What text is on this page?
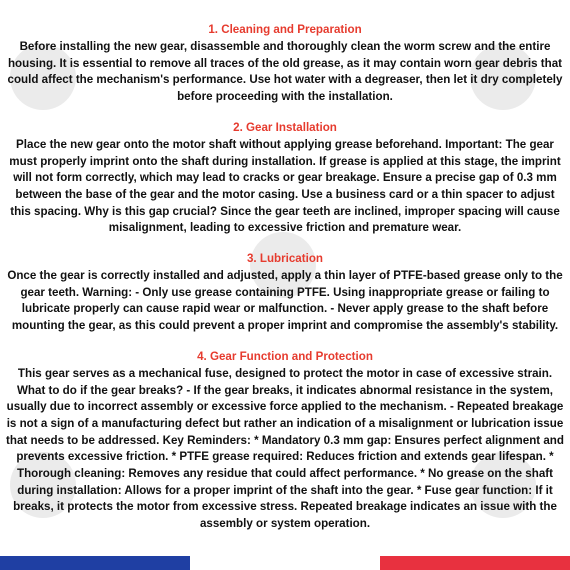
1. Cleaning and Preparation
Before installing the new gear, disassemble and thoroughly clean the worm screw and the entire housing. It is essential to remove all traces of the old grease, as it may contain worn gear debris that could affect the mechanism's performance. Use hot water with a degreaser, then let it dry completely before proceeding with the installation.
2. Gear Installation
Place the new gear onto the motor shaft without applying grease beforehand. Important: The gear must properly imprint onto the shaft during installation. If grease is applied at this stage, the imprint will not form correctly, which may lead to cracks or gear breakage. Ensure a precise gap of 0.3 mm between the base of the gear and the motor casing. Use a business card or a thin spacer to adjust this spacing. Why is this gap crucial? Since the gear teeth are inclined, improper spacing will cause misalignment, leading to excessive friction and premature wear.
3. Lubrication
Once the gear is correctly installed and adjusted, apply a thin layer of PTFE-based grease only to the gear teeth. Warning: - Only use grease containing PTFE. Using inappropriate grease or failing to lubricate properly can cause rapid wear or malfunction. - Never apply grease to the shaft before mounting the gear, as this could prevent a proper imprint and compromise the assembly's stability.
4. Gear Function and Protection
This gear serves as a mechanical fuse, designed to protect the motor in case of excessive strain. What to do if the gear breaks? - If the gear breaks, it indicates abnormal resistance in the system, usually due to incorrect assembly or excessive force applied to the mechanism. - Repeated breakage is not a sign of a manufacturing defect but rather an indication of a misalignment or lubrication issue that needs to be addressed. Key Reminders: * Mandatory 0.3 mm gap: Ensures perfect alignment and prevents excessive friction. * PTFE grease required: Reduces friction and extends gear lifespan. * Thorough cleaning: Removes any residue that could affect performance. * No grease on the shaft during installation: Allows for a proper imprint of the shaft into the gear. * Fuse gear function: If it breaks, it protects the motor from excessive stress. Repeated breakage indicates an issue with the assembly or system operation.
